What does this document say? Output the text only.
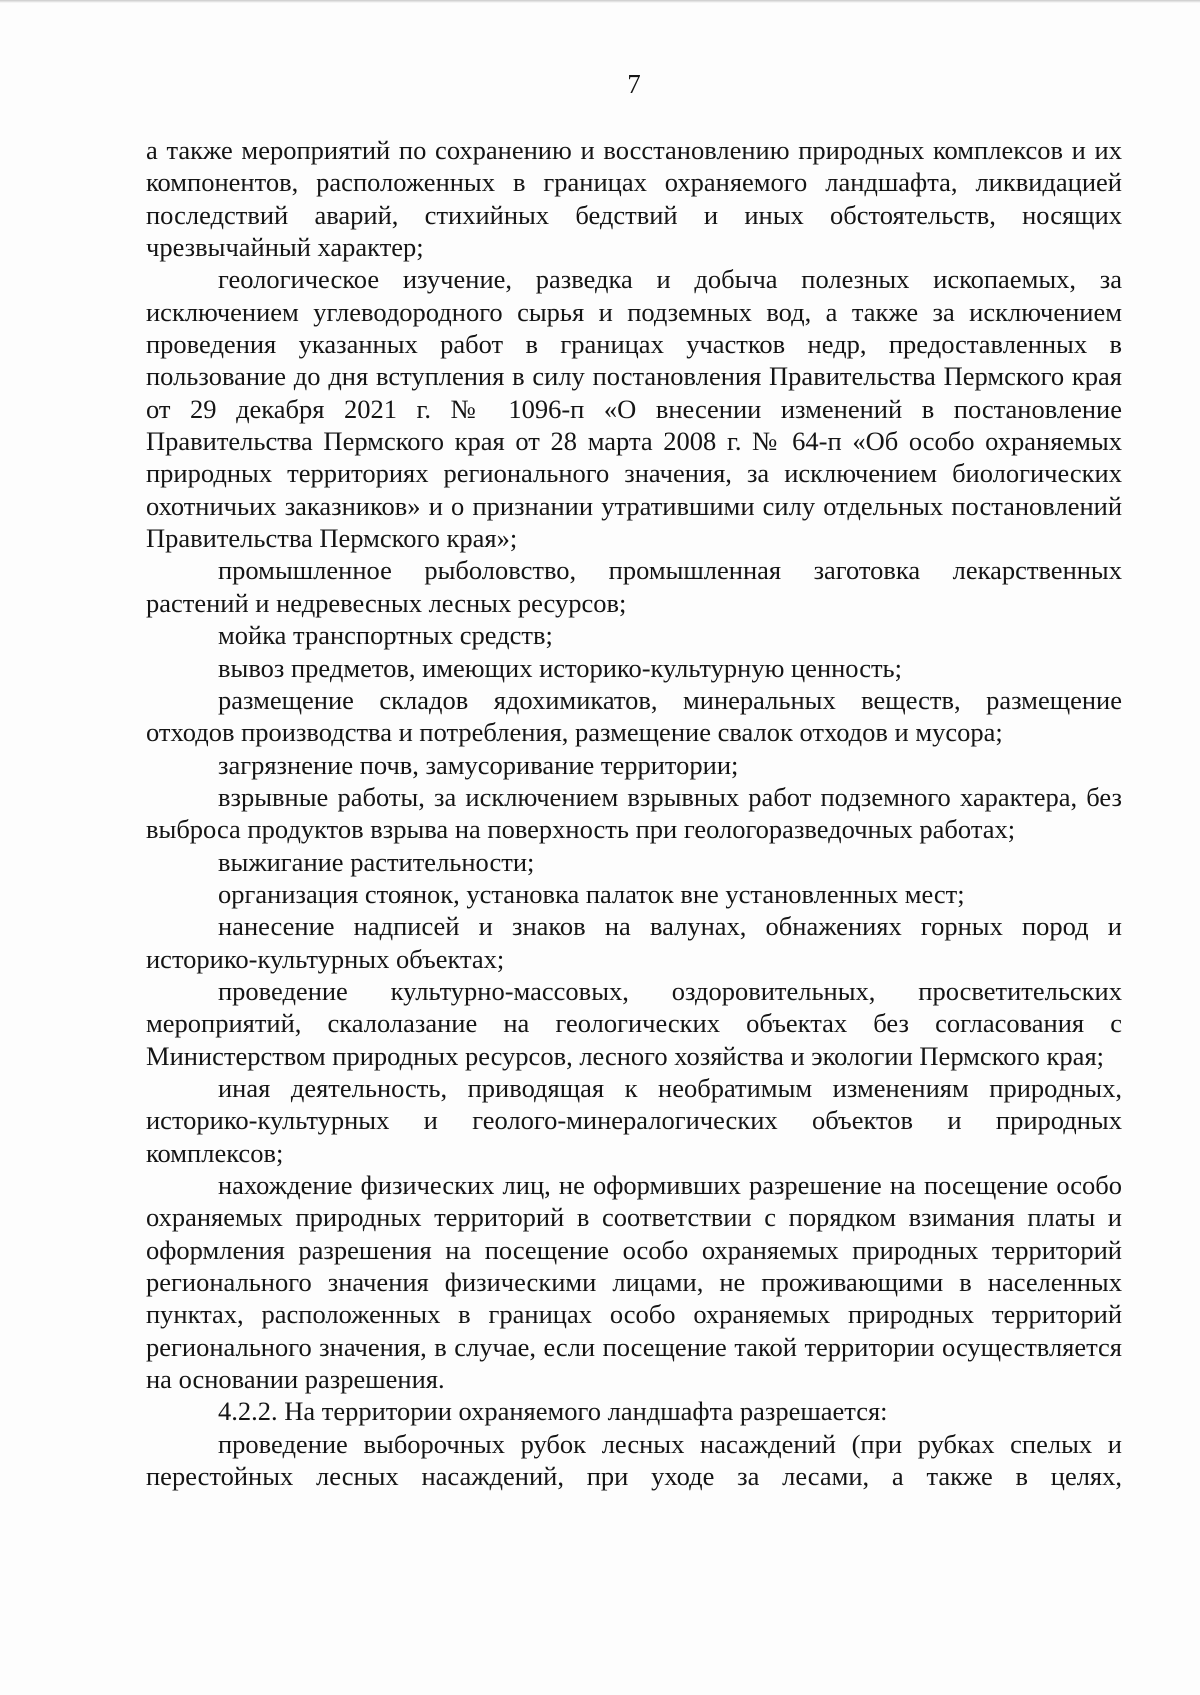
7

а также мероприятий по сохранению и восстановлению природных комплексов и их компонентов, расположенных в границах охраняемого ландшафта, ликвидацией последствий аварий, стихийных бедствий и иных обстоятельств, носящих чрезвычайный характер;

геологическое изучение, разведка и добыча полезных ископаемых, за исключением углеводородного сырья и подземных вод, а также за исключением проведения указанных работ в границах участков недр, предоставленных в пользование до дня вступления в силу постановления Правительства Пермского края от 29 декабря 2021 г. № 1096-п «О внесении изменений в постановление Правительства Пермского края от 28 марта 2008 г. № 64-п «Об особо охраняемых природных территориях регионального значения, за исключением биологических охотничьих заказников» и о признании утратившими силу отдельных постановлений Правительства Пермского края»;

промышленное рыболовство, промышленная заготовка лекарственных растений и недревесных лесных ресурсов;

мойка транспортных средств;

вывоз предметов, имеющих историко-культурную ценность;

размещение складов ядохимикатов, минеральных веществ, размещение отходов производства и потребления, размещение свалок отходов и мусора;

загрязнение почв, замусоривание территории;

взрывные работы, за исключением взрывных работ подземного характера, без выброса продуктов взрыва на поверхность при геологоразведочных работах;

выжигание растительности;

организация стоянок, установка палаток вне установленных мест;

нанесение надписей и знаков на валунах, обнажениях горных пород и историко-культурных объектах;

проведение культурно-массовых, оздоровительных, просветительских мероприятий, скалолазание на геологических объектах без согласования с Министерством природных ресурсов, лесного хозяйства и экологии Пермского края;

иная деятельность, приводящая к необратимым изменениям природных, историко-культурных и геолого-минералогических объектов и природных комплексов;

нахождение физических лиц, не оформивших разрешение на посещение особо охраняемых природных территорий в соответствии с порядком взимания платы и оформления разрешения на посещение особо охраняемых природных территорий регионального значения физическими лицами, не проживающими в населенных пунктах, расположенных в границах особо охраняемых природных территорий регионального значения, в случае, если посещение такой территории осуществляется на основании разрешения.

4.2.2. На территории охраняемого ландшафта разрешается:

проведение выборочных рубок лесных насаждений (при рубках спелых и перестойных лесных насаждений, при уходе за лесами, а также в целях,
